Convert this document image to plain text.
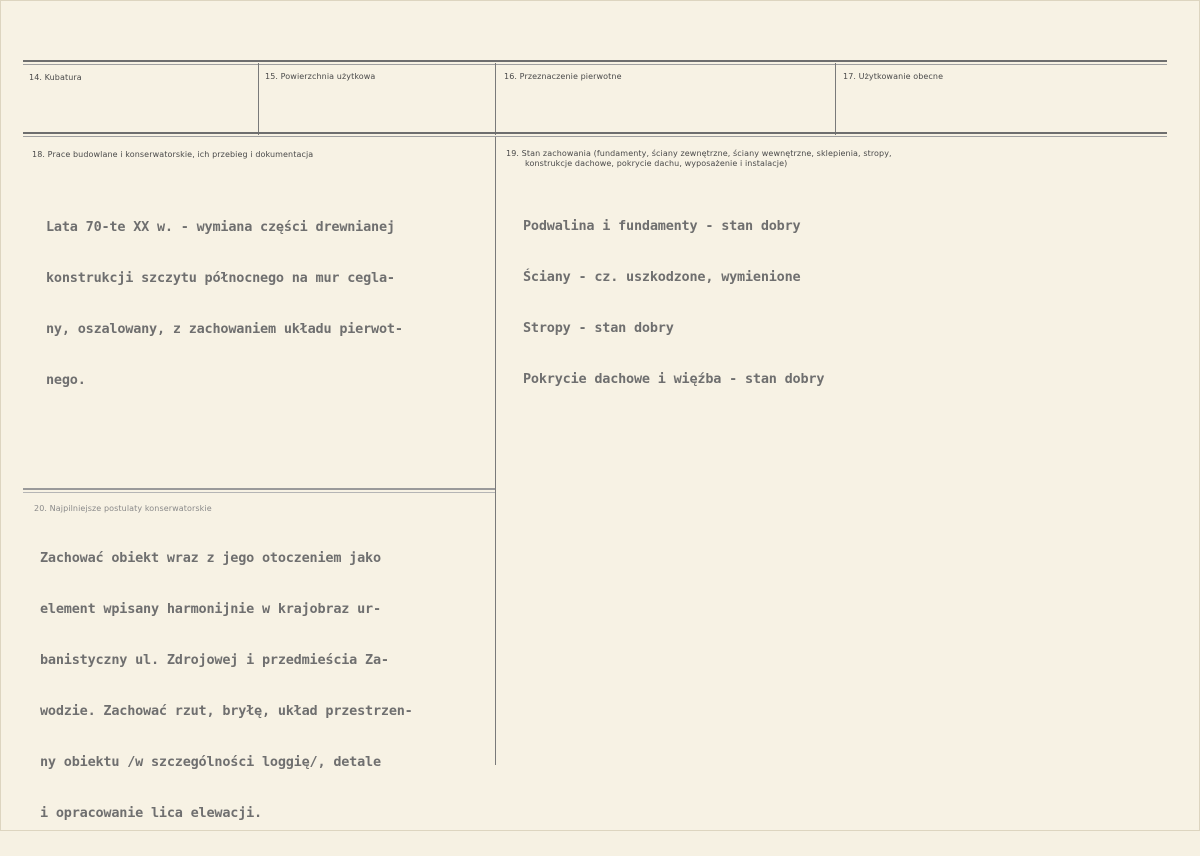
14. Kubatura	15. Powierzchnia użytkowa	16. Przeznaczenie pierwotne	17. Użytkowanie obecne
18. Prace budowlane i konserwatorskie, ich przebieg i dokumentacja

Lata 70-te XX w. - wymiana części drewnianej

konstrukcji szczytu północnego na mur cegla-

ny, oszalowany, z zachowaniem układu pierwot-

nego.

19. Stan zachowania (fundamenty, ściany zewnętrzne, ściany wewnętrzne, sklepienia, stropy,
konstrukcje dachowe, pokrycie dachu, wyposażenie i instalacje)

Podwalina i fundamenty - stan dobry

Ściany - cz. uszkodzone, wymienione

Stropy - stan dobry

Pokrycie dachowe i więźba - stan dobry

20. Najpilniejsze postulaty konserwatorskie

Zachować obiekt wraz z jego otoczeniem jako

element wpisany harmonijnie w krajobraz ur-

banistyczny ul. Zdrojowej i przedmieścia Za-

wodzie. Zachować rzut, bryłę, układ przestrzen-

ny obiektu /w szczególności loggię/, detale

i opracowanie lica elewacji.
